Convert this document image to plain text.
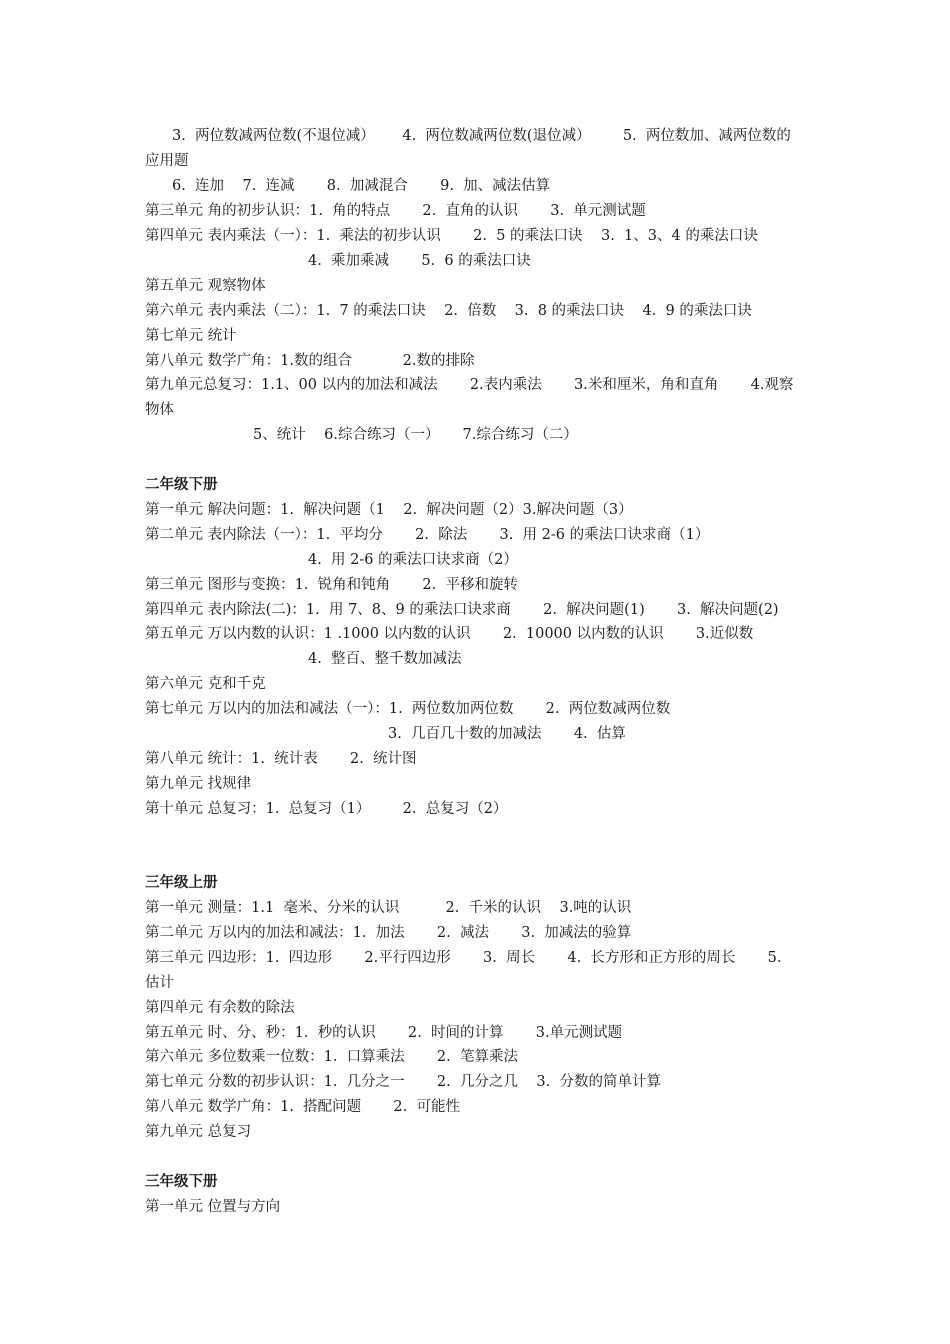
3.  两位数减两位数(不退位减）      4.  两位数减两位数(退位减）       5.  两位数加、减两位数的
应用题
6.  连加    7.  连减       8.  加减混合       9.  加、减法估算
第三单元 角的初步认识：1.  角的特点       2.  直角的认识       3.  单元测试题
第四单元 表内乘法（一）：1.  乘法的初步认识       2.  5 的乘法口诀    3.  1、3、4 的乘法口诀
4.  乘加乘减       5.  6 的乘法口诀
第五单元 观察物体
第六单元 表内乘法（二）：1.  7 的乘法口诀    2.  倍数    3.  8 的乘法口诀    4.  9 的乘法口诀
第七单元 统计
第八单元 数学广角：1.数的组合           2.数的排除
第九单元总复习：1.1、00 以内的加法和减法       2.表内乘法       3.米和厘米，角和直角       4.观察
物体
5、统计    6.综合练习（一）     7.综合练习（二）
二年级下册
第一单元 解决问题：1.  解决问题（1    2.  解决问题（2）3.解决问题（3）
第二单元 表内除法（一）：1.  平均分       2.  除法       3.  用 2-6 的乘法口诀求商（1）
4.  用 2-6 的乘法口诀求商（2）
第三单元 图形与变换：1.  锐角和钝角       2.  平移和旋转
第四单元 表内除法(二)：1.  用 7、8、9 的乘法口诀求商       2.  解决问题(1)       3.  解决问题(2)
第五单元 万以内数的认识：1 .1000 以内数的认识       2.  10000 以内数的认识       3.近似数
4.  整百、整千数加减法
第六单元 克和千克
第七单元 万以内的加法和减法（一）：1.  两位数加两位数       2.  两位数减两位数
3.  几百几十数的加减法       4.  估算
第八单元 统计：1.  统计表       2.  统计图
第九单元 找规律
第十单元 总复习：1.  总复习（1）       2.  总复习（2）
三年级上册
第一单元 测量：1.1  毫米、分米的认识          2.  千米的认识    3.吨的认识
第二单元 万以内的加法和减法：1.  加法       2.  减法       3.  加减法的验算
第三单元 四边形：1.  四边形       2.平行四边形       3.  周长       4.  长方形和正方形的周长       5.
估计
第四单元 有余数的除法
第五单元 时、分、秒：1.  秒的认识       2.  时间的计算       3.单元测试题
第六单元 多位数乘一位数：1.  口算乘法       2.  笔算乘法
第七单元 分数的初步认识：1.  几分之一       2.  几分之几    3.  分数的简单计算
第八单元 数学广角：1.  搭配问题       2.  可能性
第九单元 总复习
三年级下册
第一单元 位置与方向
